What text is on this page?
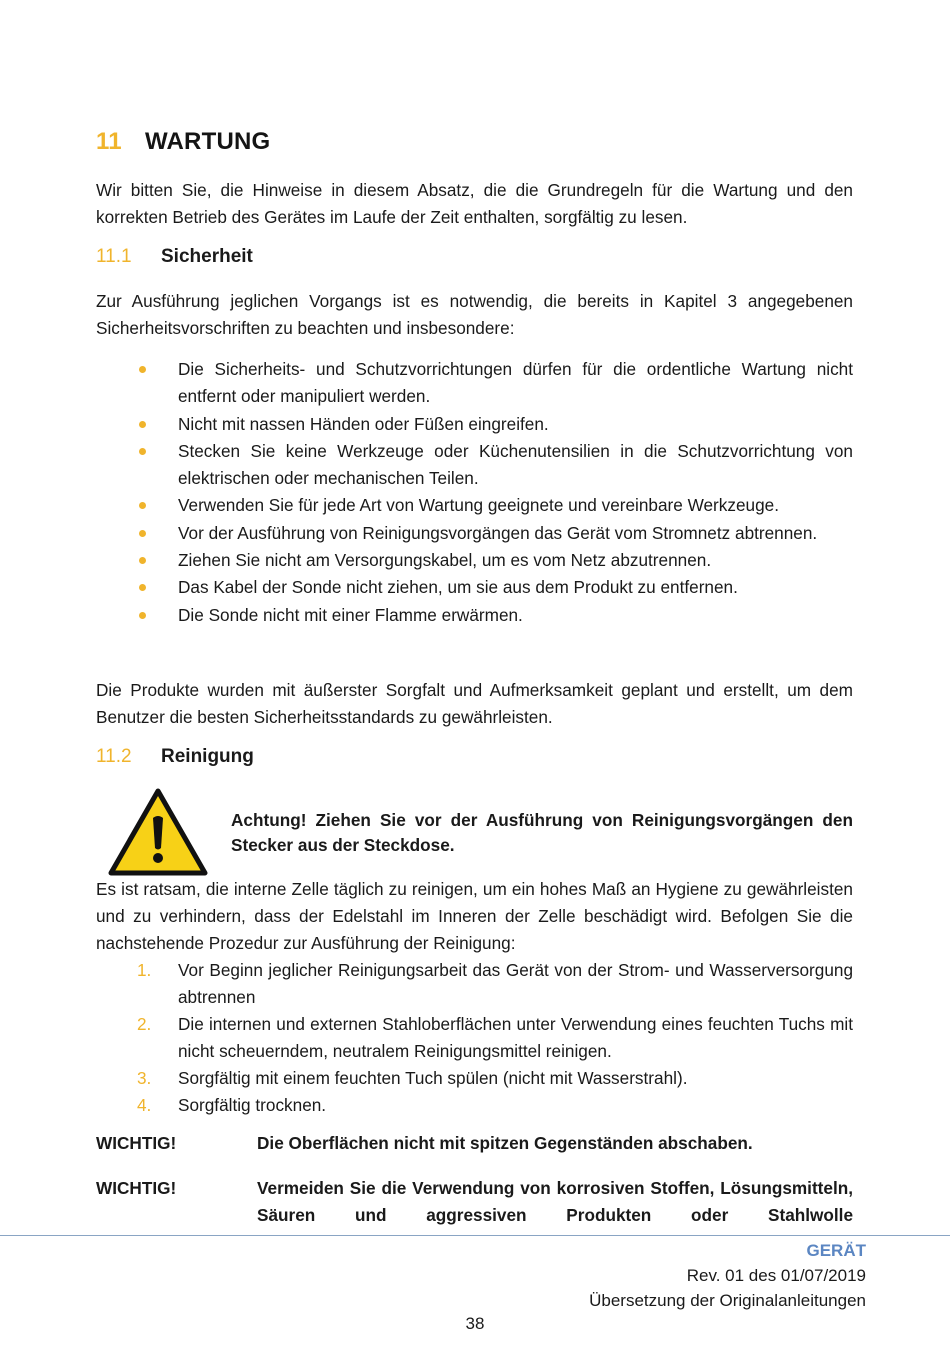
11 WARTUNG
Wir bitten Sie, die Hinweise in diesem Absatz, die die Grundregeln für die Wartung und den korrekten Betrieb des Gerätes im Laufe der Zeit enthalten, sorgfältig zu lesen.
11.1 Sicherheit
Zur Ausführung jeglichen Vorgangs ist es notwendig, die bereits in Kapitel 3 angegebenen Sicherheitsvorschriften zu beachten und insbesondere:
Die Sicherheits- und Schutzvorrichtungen dürfen für die ordentliche Wartung nicht entfernt oder manipuliert werden.
Nicht mit nassen Händen oder Füßen eingreifen.
Stecken Sie keine Werkzeuge oder Küchenutensilien in die Schutzvorrichtung von elektrischen oder mechanischen Teilen.
Verwenden Sie für jede Art von Wartung geeignete und vereinbare Werkzeuge.
Vor der Ausführung von Reinigungsvorgängen das Gerät vom Stromnetz abtrennen.
Ziehen Sie nicht am Versorgungskabel, um es vom Netz abzutrennen.
Das Kabel der Sonde nicht ziehen, um sie aus dem Produkt zu entfernen.
Die Sonde nicht mit einer Flamme erwärmen.
Die Produkte wurden mit äußerster Sorgfalt und Aufmerksamkeit geplant und erstellt, um dem Benutzer die besten Sicherheitsstandards zu gewährleisten.
11.2 Reinigung
Achtung! Ziehen Sie vor der Ausführung von Reinigungsvorgängen den Stecker aus der Steckdose.
Es ist ratsam, die interne Zelle täglich zu reinigen, um ein hohes Maß an Hygiene zu gewährleisten und zu verhindern, dass der Edelstahl im Inneren der Zelle beschädigt wird. Befolgen Sie die nachstehende Prozedur zur Ausführung der Reinigung:
1. Vor Beginn jeglicher Reinigungsarbeit das Gerät von der Strom- und Wasserversorgung abtrennen
2. Die internen und externen Stahloberflächen unter Verwendung eines feuchten Tuchs mit nicht scheuerndem, neutralem Reinigungsmittel reinigen.
3. Sorgfältig mit einem feuchten Tuch spülen (nicht mit Wasserstrahl).
4. Sorgfältig trocknen.
WICHTIG!	Die Oberflächen nicht mit spitzen Gegenständen abschaben.
WICHTIG!	Vermeiden Sie die Verwendung von korrosiven Stoffen, Lösungsmitteln, Säuren und aggressiven Produkten oder Stahlwolle
GERÄT
Rev. 01 des 01/07/2019
Übersetzung der Originalanleitungen
38
